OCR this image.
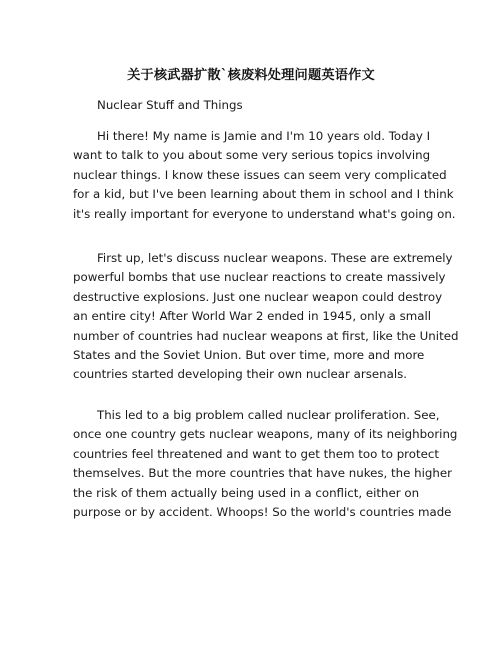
关于核武器扩散`核废料处理问题英语作文
Nuclear Stuff and Things
Hi there! My name is Jamie and I'm 10 years old. Today I
want to talk to you about some very serious topics involving
nuclear things. I know these issues can seem very complicated
for a kid, but I've been learning about them in school and I think
it's really important for everyone to understand what's going on.
First up, let's discuss nuclear weapons. These are extremely
powerful bombs that use nuclear reactions to create massively
destructive explosions. Just one nuclear weapon could destroy
an entire city! After World War 2 ended in 1945, only a small
number of countries had nuclear weapons at first, like the United
States and the Soviet Union. But over time, more and more
countries started developing their own nuclear arsenals.
This led to a big problem called nuclear proliferation. See,
once one country gets nuclear weapons, many of its neighboring
countries feel threatened and want to get them too to protect
themselves. But the more countries that have nukes, the higher
the risk of them actually being used in a conflict, either on
purpose or by accident. Whoops! So the world's countries made
